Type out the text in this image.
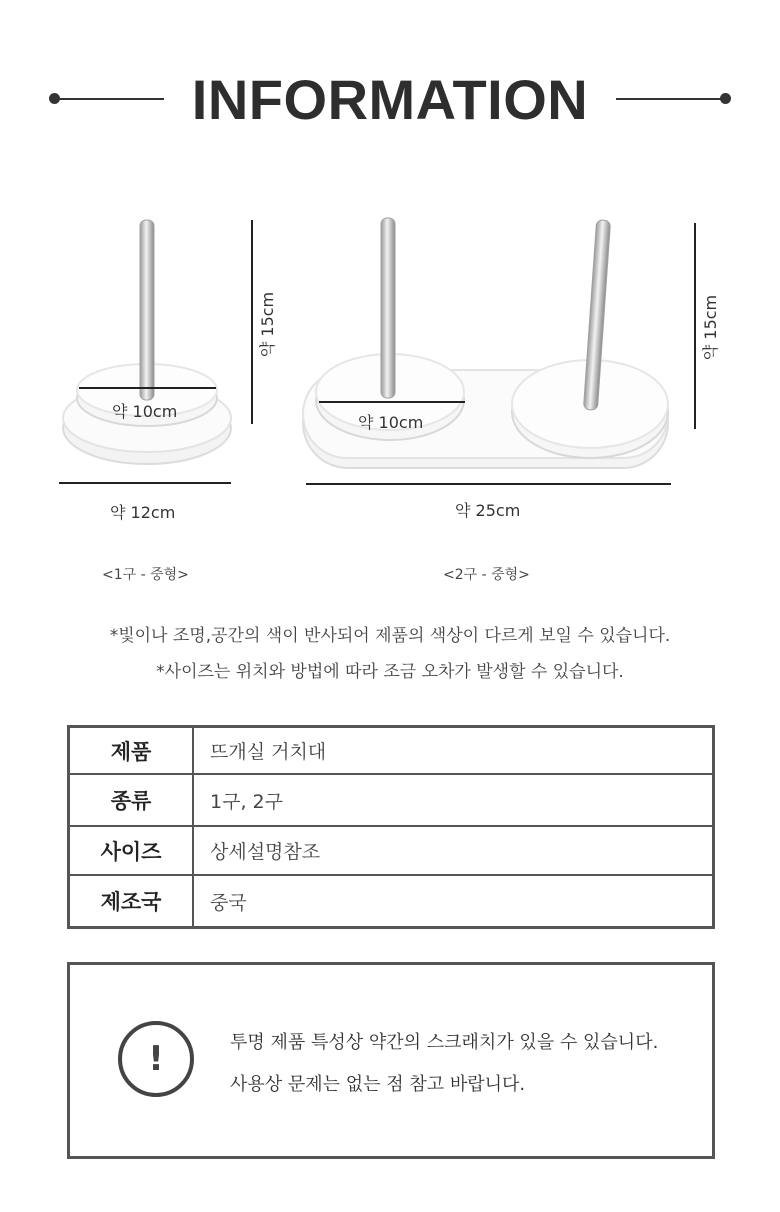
INFORMATION
약 15cm
약 10cm
약 12cm
<1구 - 중형>
약 15cm
약 10cm
약 25cm
<2구 - 중형>
*빛이나 조명,공간의 색이 반사되어 제품의 색상이 다르게 보일 수 있습니다.
*사이즈는 위치와 방법에 따라 조금 오차가 발생할 수 있습니다.
제품	뜨개실 거치대
종류	1구, 2구
사이즈	상세설명참조
제조국	중국
!	투명 제품 특성상 약간의 스크래치가 있을 수 있습니다.
사용상 문제는 없는 점 참고 바랍니다.
